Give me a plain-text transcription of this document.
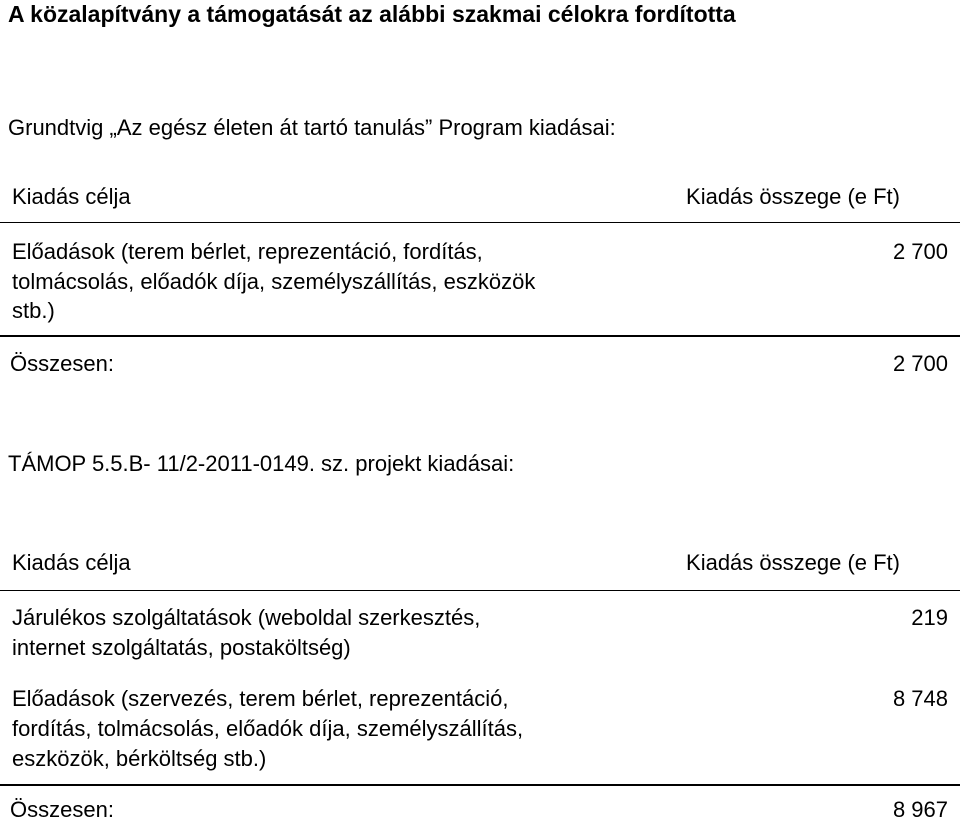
A közalapítvány a támogatását az alábbi szakmai célokra fordította
Grundtvig „Az egész életen át tartó tanulás” Program kiadásai:
Kiadás célja	Kiadás összege (e Ft)
Előadások (terem bérlet, reprezentáció, fordítás,
tolmácsolás, előadók díja, személyszállítás, eszközök
stb.)
2 700
Összesen:	2 700
TÁMOP 5.5.B- 11/2-2011-0149. sz. projekt kiadásai:
Kiadás célja	Kiadás összege (e Ft)
Járulékos szolgáltatások (weboldal szerkesztés,
internet szolgáltatás, postaköltség)
219
Előadások (szervezés, terem bérlet, reprezentáció,
fordítás, tolmácsolás, előadók díja, személyszállítás,
eszközök, bérköltség stb.)
8 748
Összesen:	8 967
